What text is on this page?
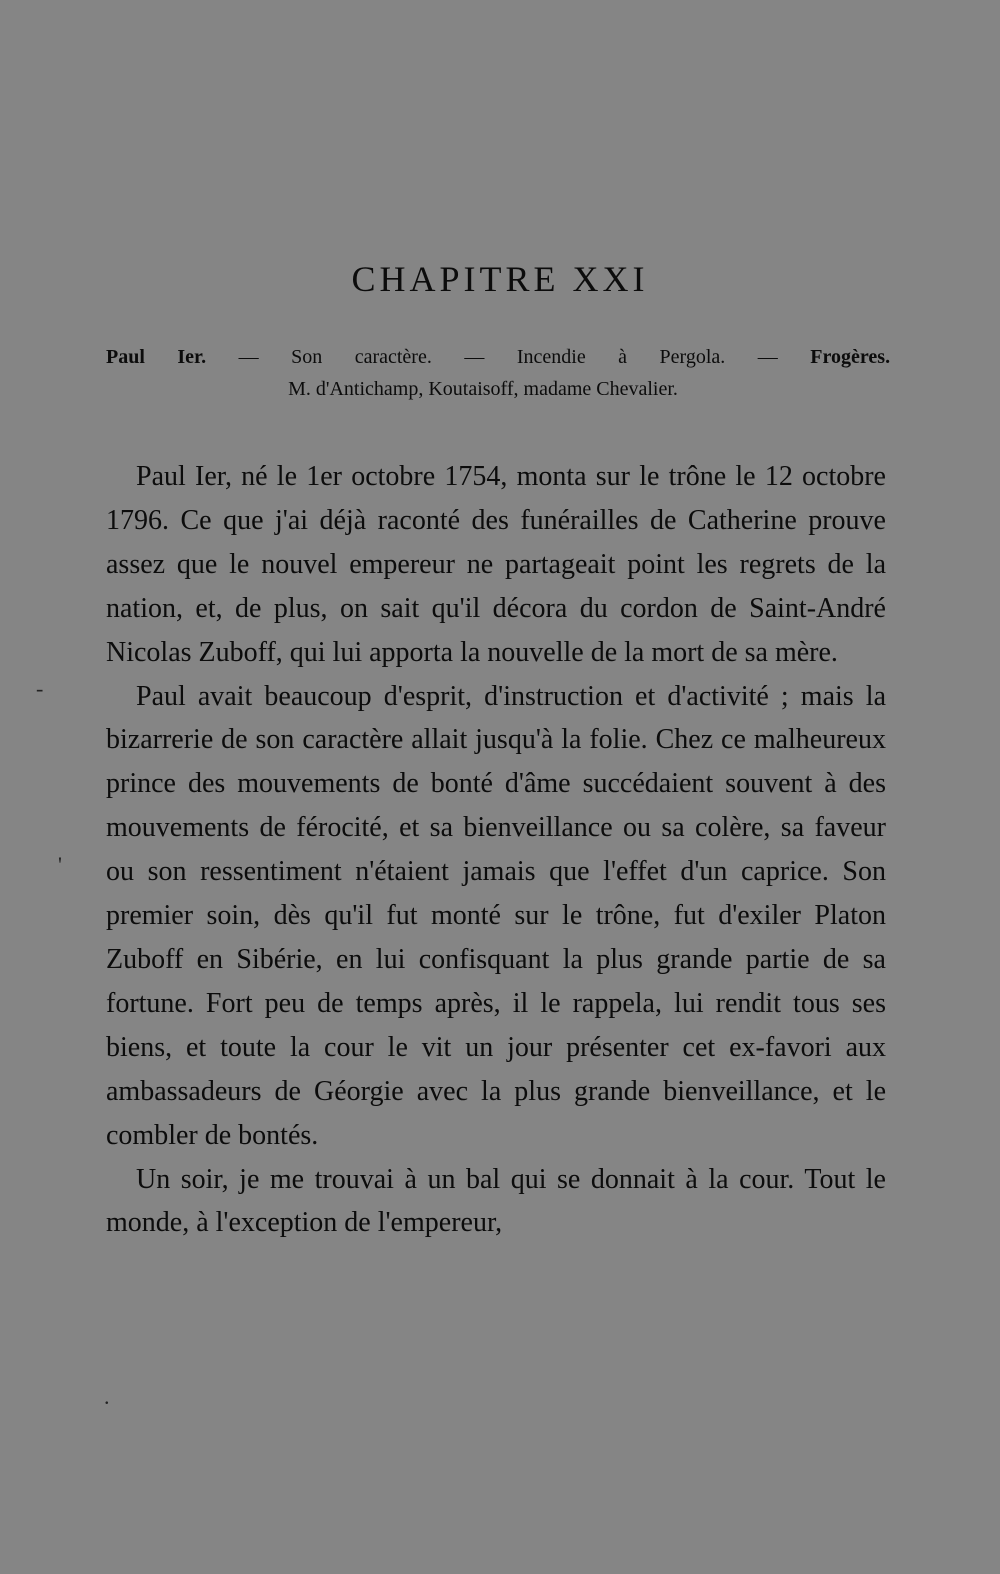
CHAPITRE XXI
Paul Ier. — Son caractère. — Incendie à Pergola. — Frogères.
M. d'Antichamp, Koutaisoff, madame Chevalier.

Paul Ier, né le 1er octobre 1754, monta sur le trône le 12 octobre 1796. Ce que j'ai déjà raconté des funérailles de Catherine prouve assez que le nouvel empereur ne partageait point les regrets de la nation, et, de plus, on sait qu'il décora du cordon de Saint-André Nicolas Zuboff, qui lui apporta la nouvelle de la mort de sa mère.

Paul avait beaucoup d'esprit, d'instruction et d'activité ; mais la bizarrerie de son caractère allait jusqu'à la folie. Chez ce malheureux prince des mouvements de bonté d'âme succédaient souvent à des mouvements de férocité, et sa bienveillance ou sa colère, sa faveur ou son ressentiment n'étaient jamais que l'effet d'un caprice. Son premier soin, dès qu'il fut monté sur le trône, fut d'exiler Platon Zuboff en Sibérie, en lui confisquant la plus grande partie de sa fortune. Fort peu de temps après, il le rappela, lui rendit tous ses biens, et toute la cour le vit un jour présenter cet ex-favori aux ambassadeurs de Géorgie avec la plus grande bienveillance, et le combler de bontés.

Un soir, je me trouvai à un bal qui se donnait à la cour. Tout le monde, à l'exception de l'empereur,

-
'
.
